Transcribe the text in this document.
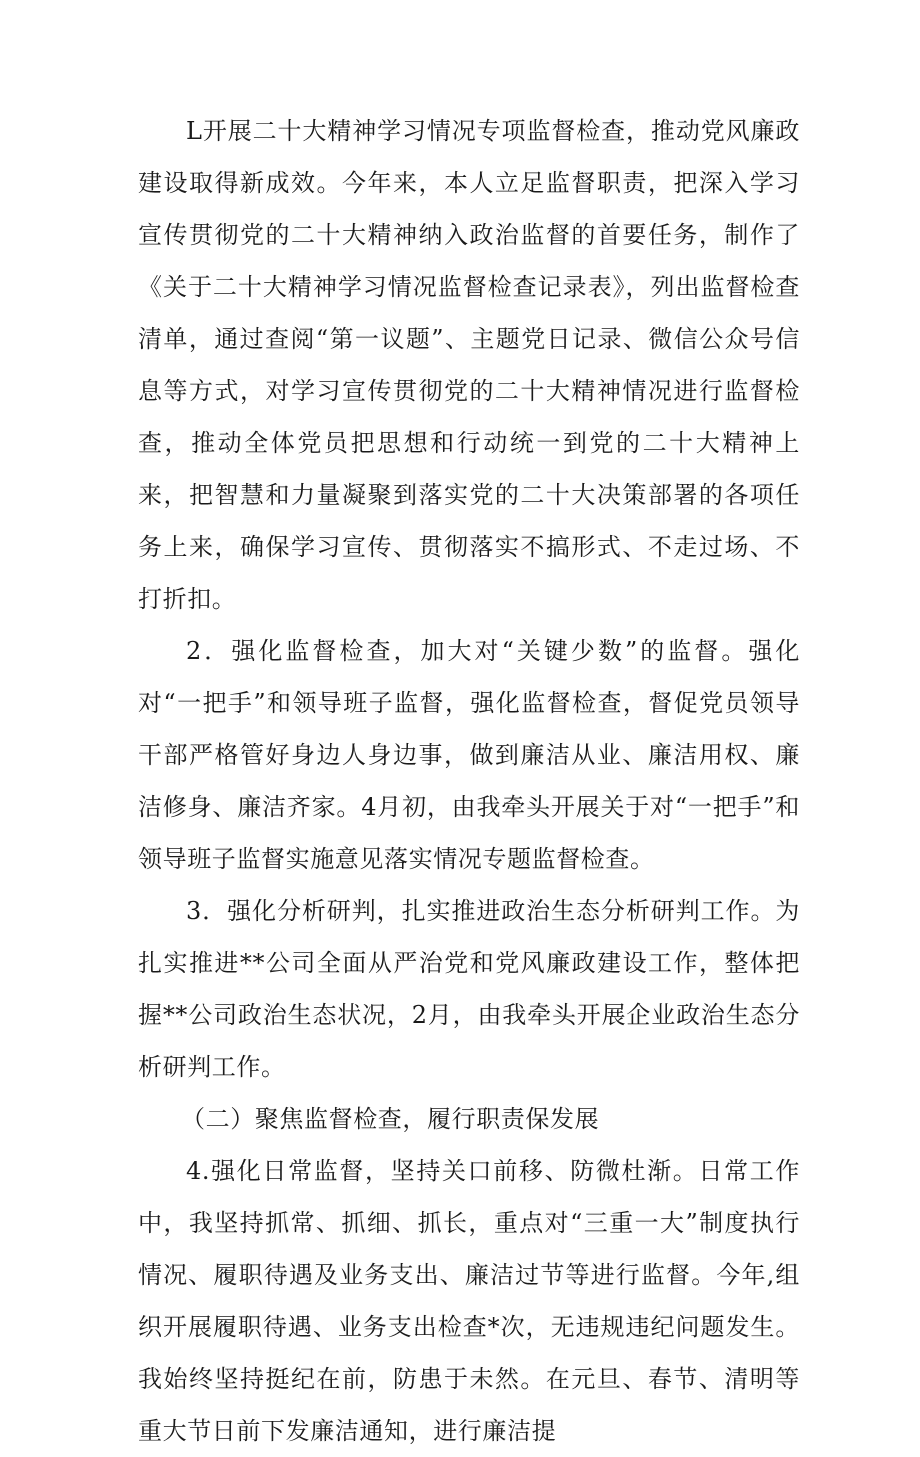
L开展二十大精神学习情况专项监督检查，推动党风廉政建设取得新成效。今年来，本人立足监督职责，把深入学习宣传贯彻党的二十大精神纳入政治监督的首要任务，制作了《关于二十大精神学习情况监督检查记录表》，列出监督检查清单，通过查阅“第一议题”、主题党日记录、微信公众号信息等方式，对学习宣传贯彻党的二十大精神情况进行监督检查，推动全体党员把思想和行动统一到党的二十大精神上来，把智慧和力量凝聚到落实党的二十大决策部署的各项任务上来，确保学习宣传、贯彻落实不搞形式、不走过场、不打折扣。

2．强化监督检查，加大对“关键少数”的监督。强化对“一把手”和领导班子监督，强化监督检查，督促党员领导干部严格管好身边人身边事，做到廉洁从业、廉洁用权、廉洁修身、廉洁齐家。4月初，由我牵头开展关于对“一把手”和领导班子监督实施意见落实情况专题监督检查。

3．强化分析研判，扎实推进政治生态分析研判工作。为扎实推进**公司全面从严治党和党风廉政建设工作，整体把握**公司政治生态状况，2月，由我牵头开展企业政治生态分析研判工作。

（二）聚焦监督检查，履行职责保发展

4.强化日常监督，坚持关口前移、防微杜渐。日常工作中，我坚持抓常、抓细、抓长，重点对“三重一大”制度执行情况、履职待遇及业务支出、廉洁过节等进行监督。今年,组织开展履职待遇、业务支出检查*次，无违规违纪问题发生。我始终坚持挺纪在前，防患于未然。在元旦、春节、清明等重大节日前下发廉洁通知，进行廉洁提
